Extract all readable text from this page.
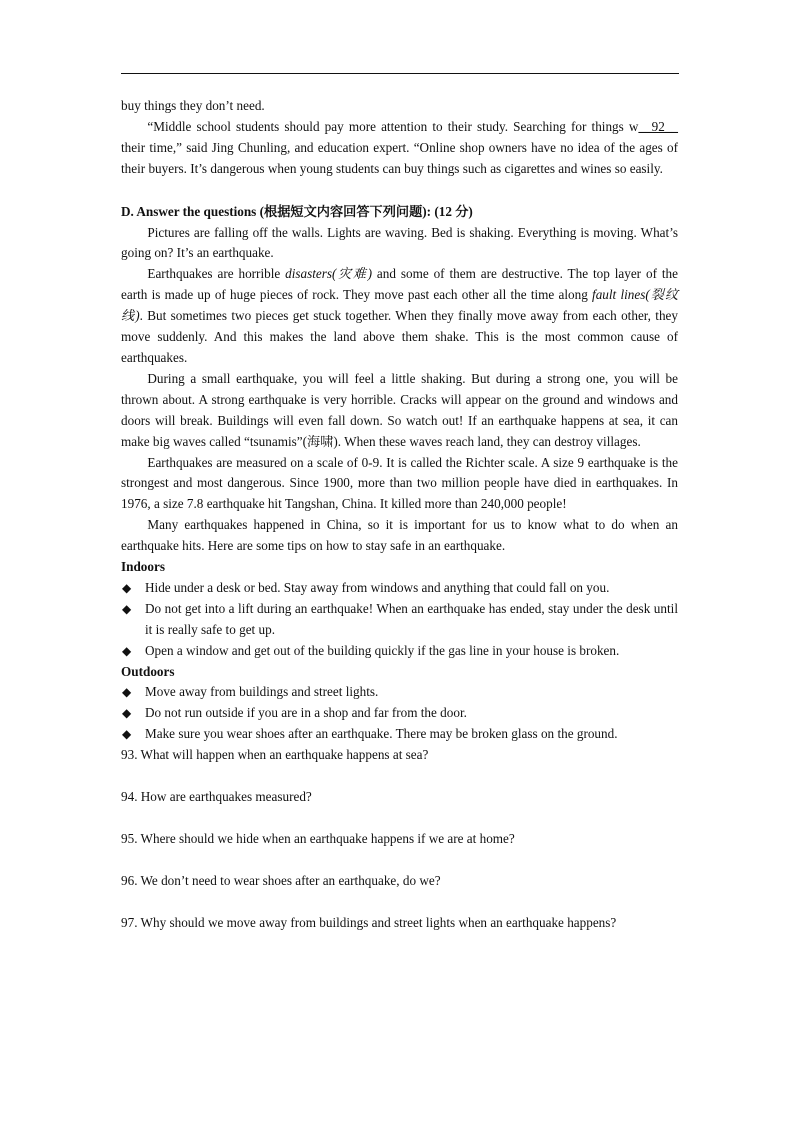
buy things they don’t need.

“Middle school students should pay more attention to their study. Searching for things w__92__ their time,” said Jing Chunling, and education expert. “Online shop owners have no idea of the ages of their buyers. It’s dangerous when young students can buy things such as cigarettes and wines so easily.

D. Answer the questions (根据短文内容回答下列问题): (12 分)

Pictures are falling off the walls. Lights are waving. Bed is shaking. Everything is moving. What’s going on? It’s an earthquake.

Earthquakes are horrible disasters(灾难) and some of them are destructive. The top layer of the earth is made up of huge pieces of rock. They move past each other all the time along fault lines(裂纹线). But sometimes two pieces get stuck together. When they finally move away from each other, they move suddenly. And this makes the land above them shake. This is the most common cause of earthquakes.

During a small earthquake, you will feel a little shaking. But during a strong one, you will be thrown about. A strong earthquake is very horrible. Cracks will appear on the ground and windows and doors will break. Buildings will even fall down. So watch out! If an earthquake happens at sea, it can make big waves called “tsunamis”(海啸). When these waves reach land, they can destroy villages.

Earthquakes are measured on a scale of 0-9. It is called the Richter scale. A size 9 earthquake is the strongest and most dangerous. Since 1900, more than two million people have died in earthquakes. In 1976, a size 7.8 earthquake hit Tangshan, China. It killed more than 240,000 people!

Many earthquakes happened in China, so it is important for us to know what to do when an earthquake hits. Here are some tips on how to stay safe in an earthquake.

Indoors

◆ Hide under a desk or bed. Stay away from windows and anything that could fall on you.

◆ Do not get into a lift during an earthquake! When an earthquake has ended, stay under the desk until it is really safe to get up.

◆ Open a window and get out of the building quickly if the gas line in your house is broken.

Outdoors

◆ Move away from buildings and street lights.

◆ Do not run outside if you are in a shop and far from the door.

◆ Make sure you wear shoes after an earthquake. There may be broken glass on the ground.

93. What will happen when an earthquake happens at sea?

94. How are earthquakes measured?

95. Where should we hide when an earthquake happens if we are at home?

96. We don’t need to wear shoes after an earthquake, do we?

97. Why should we move away from buildings and street lights when an earthquake happens?
